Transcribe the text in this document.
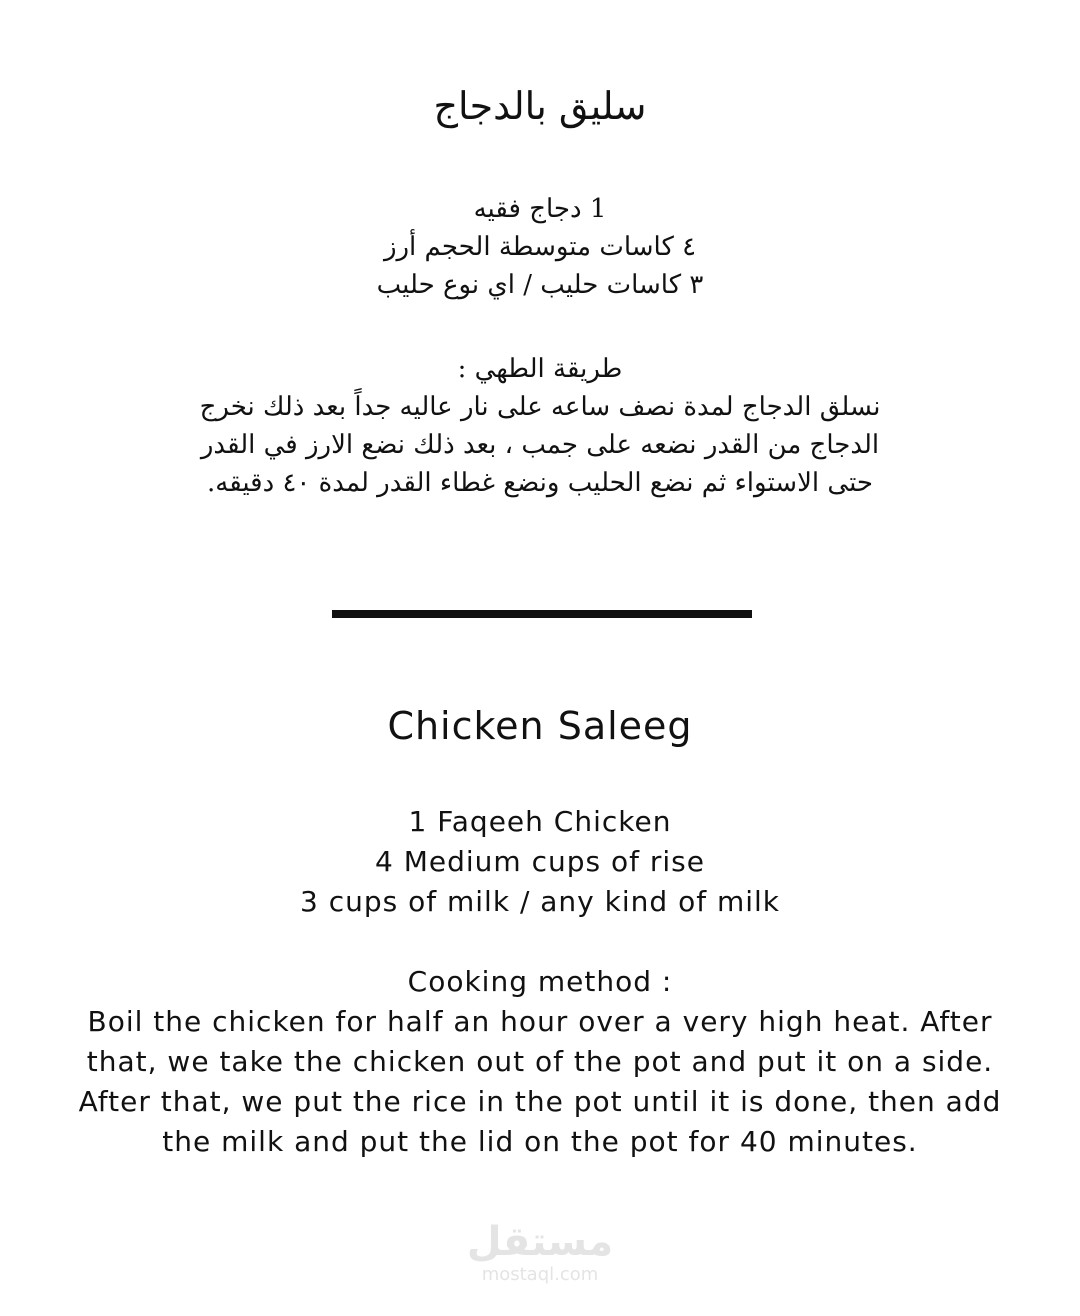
سليق بالدجاج
1 دجاج فقيه
٤ كاسات متوسطة الحجم أرز
٣ كاسات حليب / اي نوع حليب
طريقة الطهي :
نسلق الدجاج لمدة نصف ساعه على نار عاليه جداً بعد ذلك نخرج
الدجاج من القدر نضعه على جمب ، بعد ذلك نضع الارز في القدر
حتى الاستواء ثم نضع الحليب ونضع غطاء القدر لمدة ٤٠ دقيقه.
Chicken Saleeg
1 Faqeeh Chicken
4 Medium cups of rise
3 cups of milk / any kind of milk
Cooking method :
Boil the chicken for half an hour over a very high heat. After
that, we take the chicken out of the pot and put it on a side.
After that, we put the rice in the pot until it is done, then add
the milk and put the lid on the pot for 40 minutes.
مستقل
mostaql.com
